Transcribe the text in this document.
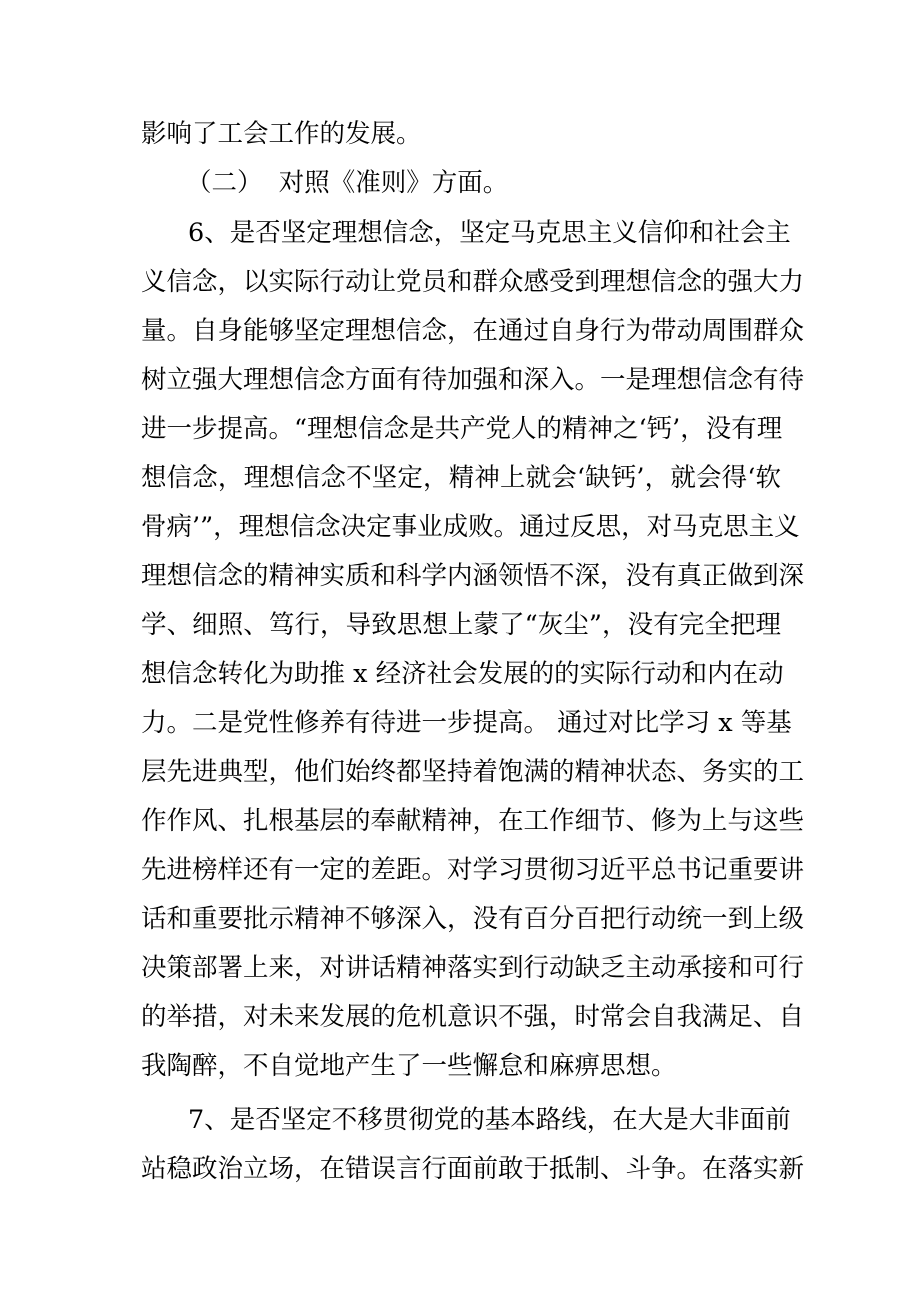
影响了工会工作的发展。
（二）  对照《准则》方面。
6、是否坚定理想信念，坚定马克思主义信仰和社会主
义信念，以实际行动让党员和群众感受到理想信念的强大力
量。自身能够坚定理想信念，在通过自身行为带动周围群众
树立强大理想信念方面有待加强和深入。一是理想信念有待
进一步提高。“理想信念是共产党人的精神之‘钙’，没有理
想信念，理想信念不坚定，精神上就会‘缺钙’，就会得‘软
骨病’”，理想信念决定事业成败。通过反思，对马克思主义
理想信念的精神实质和科学内涵领悟不深，没有真正做到深
学、细照、笃行，导致思想上蒙了“灰尘”，没有完全把理
想信念转化为助推 x 经济社会发展的的实际行动和内在动
力。二是党性修养有待进一步提高。 通过对比学习 x 等基
层先进典型，他们始终都坚持着饱满的精神状态、务实的工
作作风、扎根基层的奉献精神，在工作细节、修为上与这些
先进榜样还有一定的差距。对学习贯彻习近平总书记重要讲
话和重要批示精神不够深入，没有百分百把行动统一到上级
决策部署上来，对讲话精神落实到行动缺乏主动承接和可行
的举措，对未来发展的危机意识不强，时常会自我满足、自
我陶醉，不自觉地产生了一些懈怠和麻痹思想。
7、是否坚定不移贯彻党的基本路线，在大是大非面前
站稳政治立场，在错误言行面前敢于抵制、斗争。在落实新
